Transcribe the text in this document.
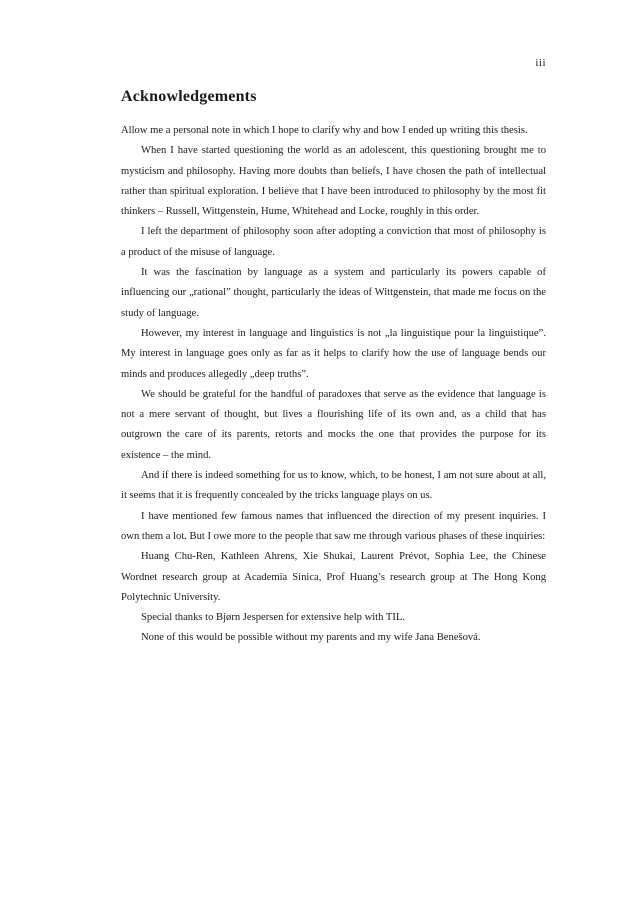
iii
Acknowledgements

Allow me a personal note in which I hope to clarify why and how I ended up writing this thesis.

When I have started questioning the world as an adolescent, this questioning brought me to mysticism and philosophy. Having more doubts than beliefs, I have chosen the path of intellectual rather than spiritual exploration. I believe that I have been introduced to philosophy by the most fit thinkers – Russell, Wittgenstein, Hume, Whitehead and Locke, roughly in this order.

I left the department of philosophy soon after adopting a conviction that most of philosophy is a product of the misuse of language.

It was the fascination by language as a system and particularly its powers capable of influencing our „rational” thought, particularly the ideas of Wittgenstein, that made me focus on the study of language.

However, my interest in language and linguistics is not „la linguistique pour la linguistique”. My interest in language goes only as far as it helps to clarify how the use of language bends our minds and produces allegedly „deep truths”.

We should be grateful for the handful of paradoxes that serve as the evidence that language is not a mere servant of thought, but lives a flourishing life of its own and, as a child that has outgrown the care of its parents, retorts and mocks the one that provides the purpose for its existence – the mind.

And if there is indeed something for us to know, which, to be honest, I am not sure about at all, it seems that it is frequently concealed by the tricks language plays on us.

I have mentioned few famous names that influenced the direction of my present inquiries. I own them a lot. But I owe more to the people that saw me through various phases of these inquiries:

Huang Chu-Ren, Kathleen Ahrens, Xie Shukai, Laurent Prévot, Sophia Lee, the Chinese Wordnet research group at Academia Sinica, Prof Huang’s research group at The Hong Kong Polytechnic University.

Special thanks to Bjørn Jespersen for extensive help with TIL.

None of this would be possible without my parents and my wife Jana Benešová.
